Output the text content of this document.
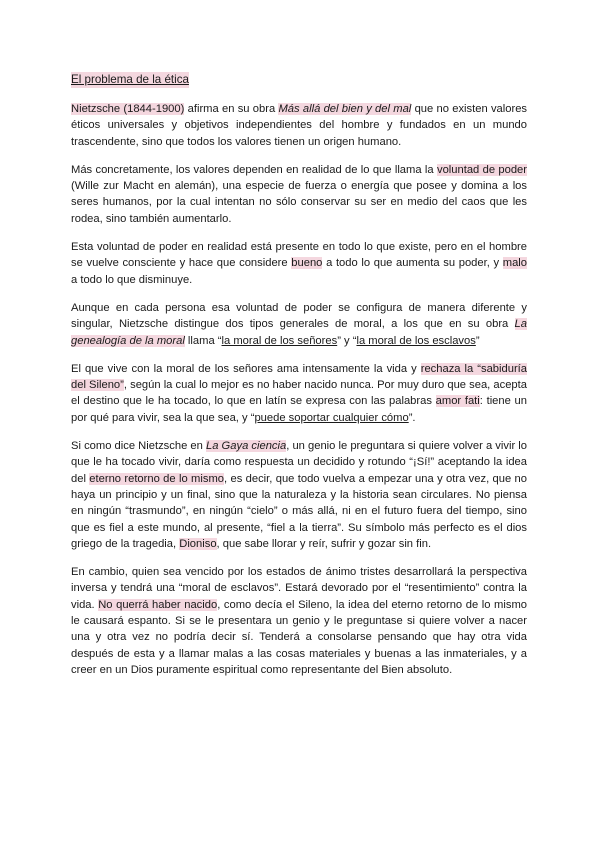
El problema de la ética

Nietzsche (1844-1900) afirma en su obra Más allá del bien y del mal que no existen valores éticos universales y objetivos independientes del hombre y fundados en un mundo trascendente, sino que todos los valores tienen un origen humano.

Más concretamente, los valores dependen en realidad de lo que llama la voluntad de poder (Wille zur Macht en alemán), una especie de fuerza o energía que posee y domina a los seres humanos, por la cual intentan no sólo conservar su ser en medio del caos que les rodea, sino también aumentarlo.

Esta voluntad de poder en realidad está presente en todo lo que existe, pero en el hombre se vuelve consciente y hace que considere bueno a todo lo que aumenta su poder, y malo a todo lo que disminuye.

Aunque en cada persona esa voluntad de poder se configura de manera diferente y singular, Nietzsche distingue dos tipos generales de moral, a los que en su obra La genealogía de la moral llama “la moral de los señores” y “la moral de los esclavos”

El que vive con la moral de los señores ama intensamente la vida y rechaza la “sabiduría del Sileno”, según la cual lo mejor es no haber nacido nunca. Por muy duro que sea, acepta el destino que le ha tocado, lo que en latín se expresa con las palabras amor fati: tiene un por qué para vivir, sea la que sea, y “puede soportar cualquier cómo”.

Si como dice Nietzsche en La Gaya ciencia, un genio le preguntara si quiere volver a vivir lo que le ha tocado vivir, daría como respuesta un decidido y rotundo “¡Sí!” aceptando la idea del eterno retorno de lo mismo, es decir, que todo vuelva a empezar una y otra vez, que no haya un principio y un final, sino que la naturaleza y la historia sean circulares. No piensa en ningún “trasmundo”, en ningún “cielo” o más allá, ni en el futuro fuera del tiempo, sino que es fiel a este mundo, al presente, “fiel a la tierra”. Su símbolo más perfecto es el dios griego de la tragedia, Dioniso, que sabe llorar y reír, sufrir y gozar sin fin.

En cambio, quien sea vencido por los estados de ánimo tristes desarrollará la perspectiva inversa y tendrá una “moral de esclavos”. Estará devorado por el “resentimiento” contra la vida. No querrá haber nacido, como decía el Sileno, la idea del eterno retorno de lo mismo le causará espanto. Si se le presentara un genio y le preguntase si quiere volver a nacer una y otra vez no podría decir sí. Tenderá a consolarse pensando que hay otra vida después de esta y a llamar malas a las cosas materiales y buenas a las inmateriales, y a creer en un Dios puramente espiritual como representante del Bien absoluto.
